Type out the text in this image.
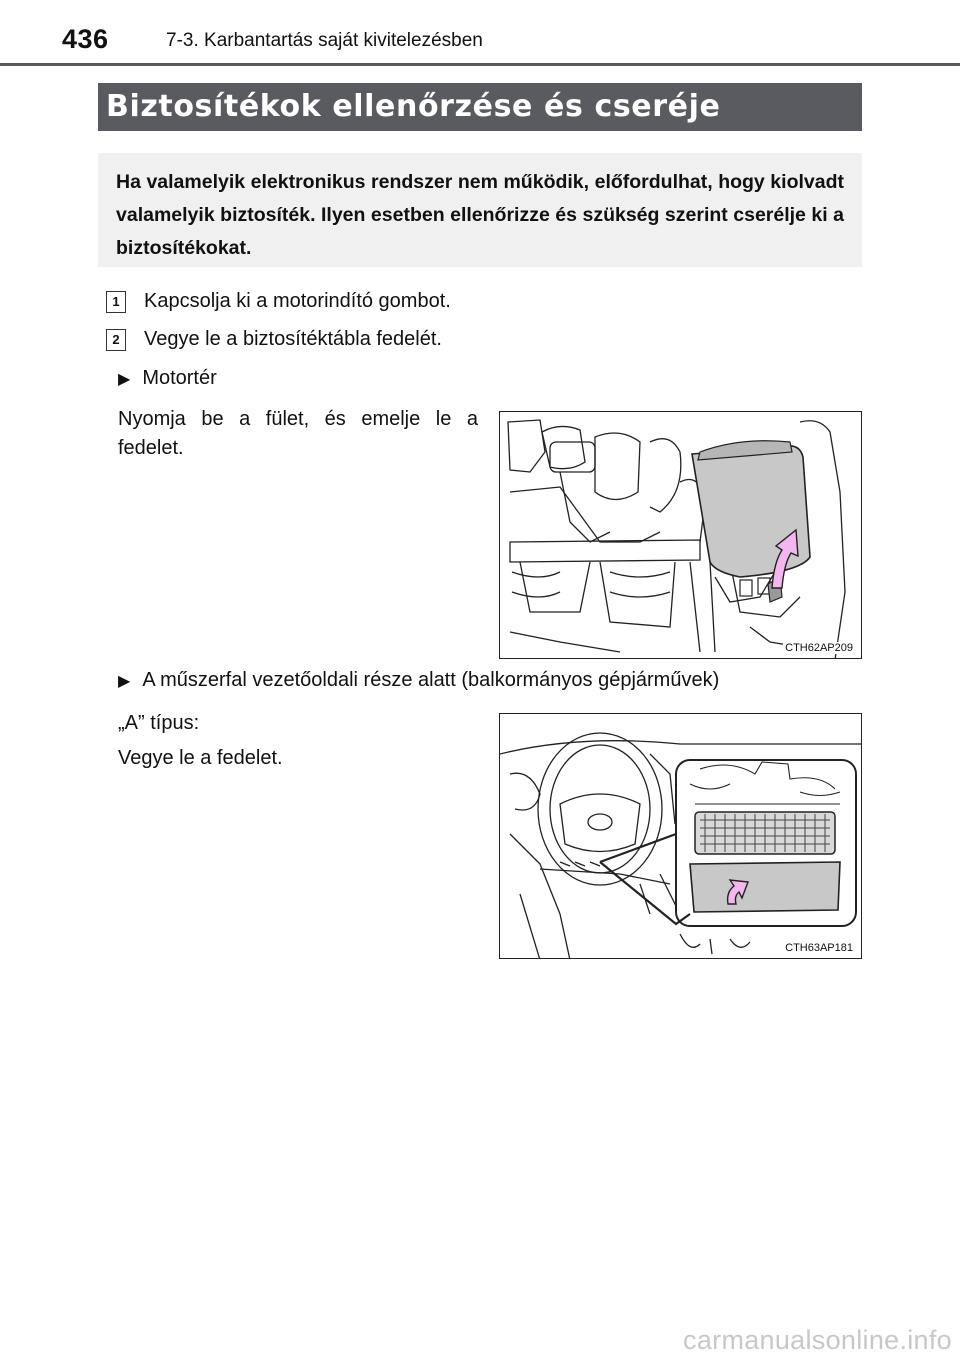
436	7-3. Karbantartás saját kivitelezésben
Biztosítékok ellenőrzése és cseréje
Ha valamelyik elektronikus rendszer nem működik, előfordulhat, hogy kiolvadt valamelyik biztosíték. Ilyen esetben ellenőrizze és szükség szerint cserélje ki a biztosítékokat.
1	Kapcsolja ki a motorindító gombot.
2	Vegye le a biztosítéktábla fedelét.
▶ Motortér
Nyomja be a fület, és emelje le a fedelet.
CTH62AP209
▶ A műszerfal vezetőoldali része alatt (balkormányos gépjárművek)
„A” típus:
Vegye le a fedelet.
CTH63AP181
carmanualsonline.info
